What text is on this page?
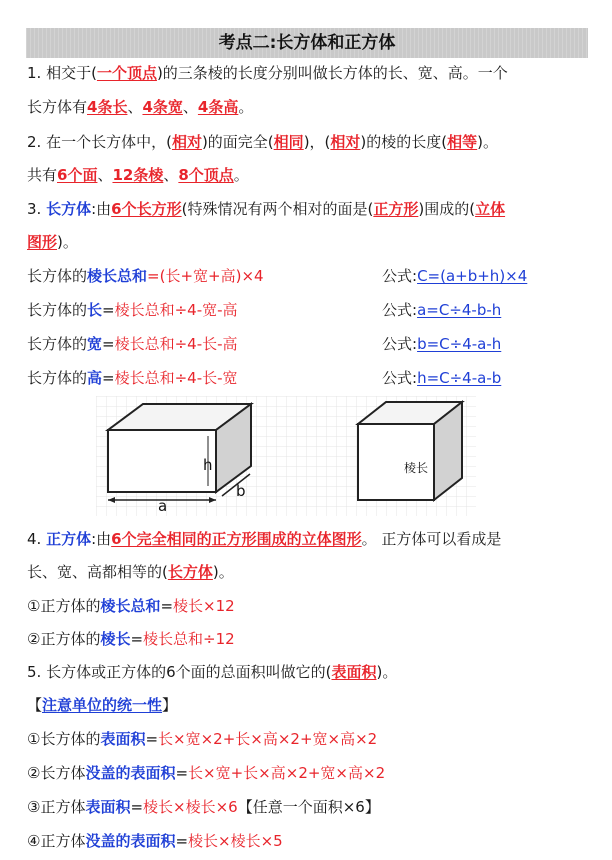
考点二:长方体和正方体
1. 相交于(一个顶点)的三条棱的长度分别叫做长方体的长、宽、高。一个
长方体有4条长、4条宽、4条高。
2. 在一个长方体中，(相对)的面完全(相同)，(相对)的棱的长度(相等)。
共有6个面、12条棱、8个顶点。
3. 长方体:由6个长方形(特殊情况有两个相对的面是(正方形)围成的(立体
图形)。
长方体的棱长总和=(长+宽+高)×4	公式:C=(a+b+h)×4
长方体的长=棱长总和÷4-宽-高	公式:a=C÷4-b-h
长方体的宽=棱长总和÷4-长-高	公式:b=C÷4-a-h
长方体的高=棱长总和÷4-长-宽	公式:h=C÷4-a-b
a
h
b
棱长
4. 正方体:由6个完全相同的正方形围成的立体图形。 正方体可以看成是
长、宽、高都相等的(长方体)。
①正方体的棱长总和=棱长×12
②正方体的棱长=棱长总和÷12
5. 长方体或正方体的6个面的总面积叫做它的(表面积)。
【注意单位的统一性】
①长方体的表面积=长×宽×2+长×高×2+宽×高×2
②长方体没盖的表面积=长×宽+长×高×2+宽×高×2
③正方体表面积=棱长×棱长×6【任意一个面积×6】
④正方体没盖的表面积=棱长×棱长×5
